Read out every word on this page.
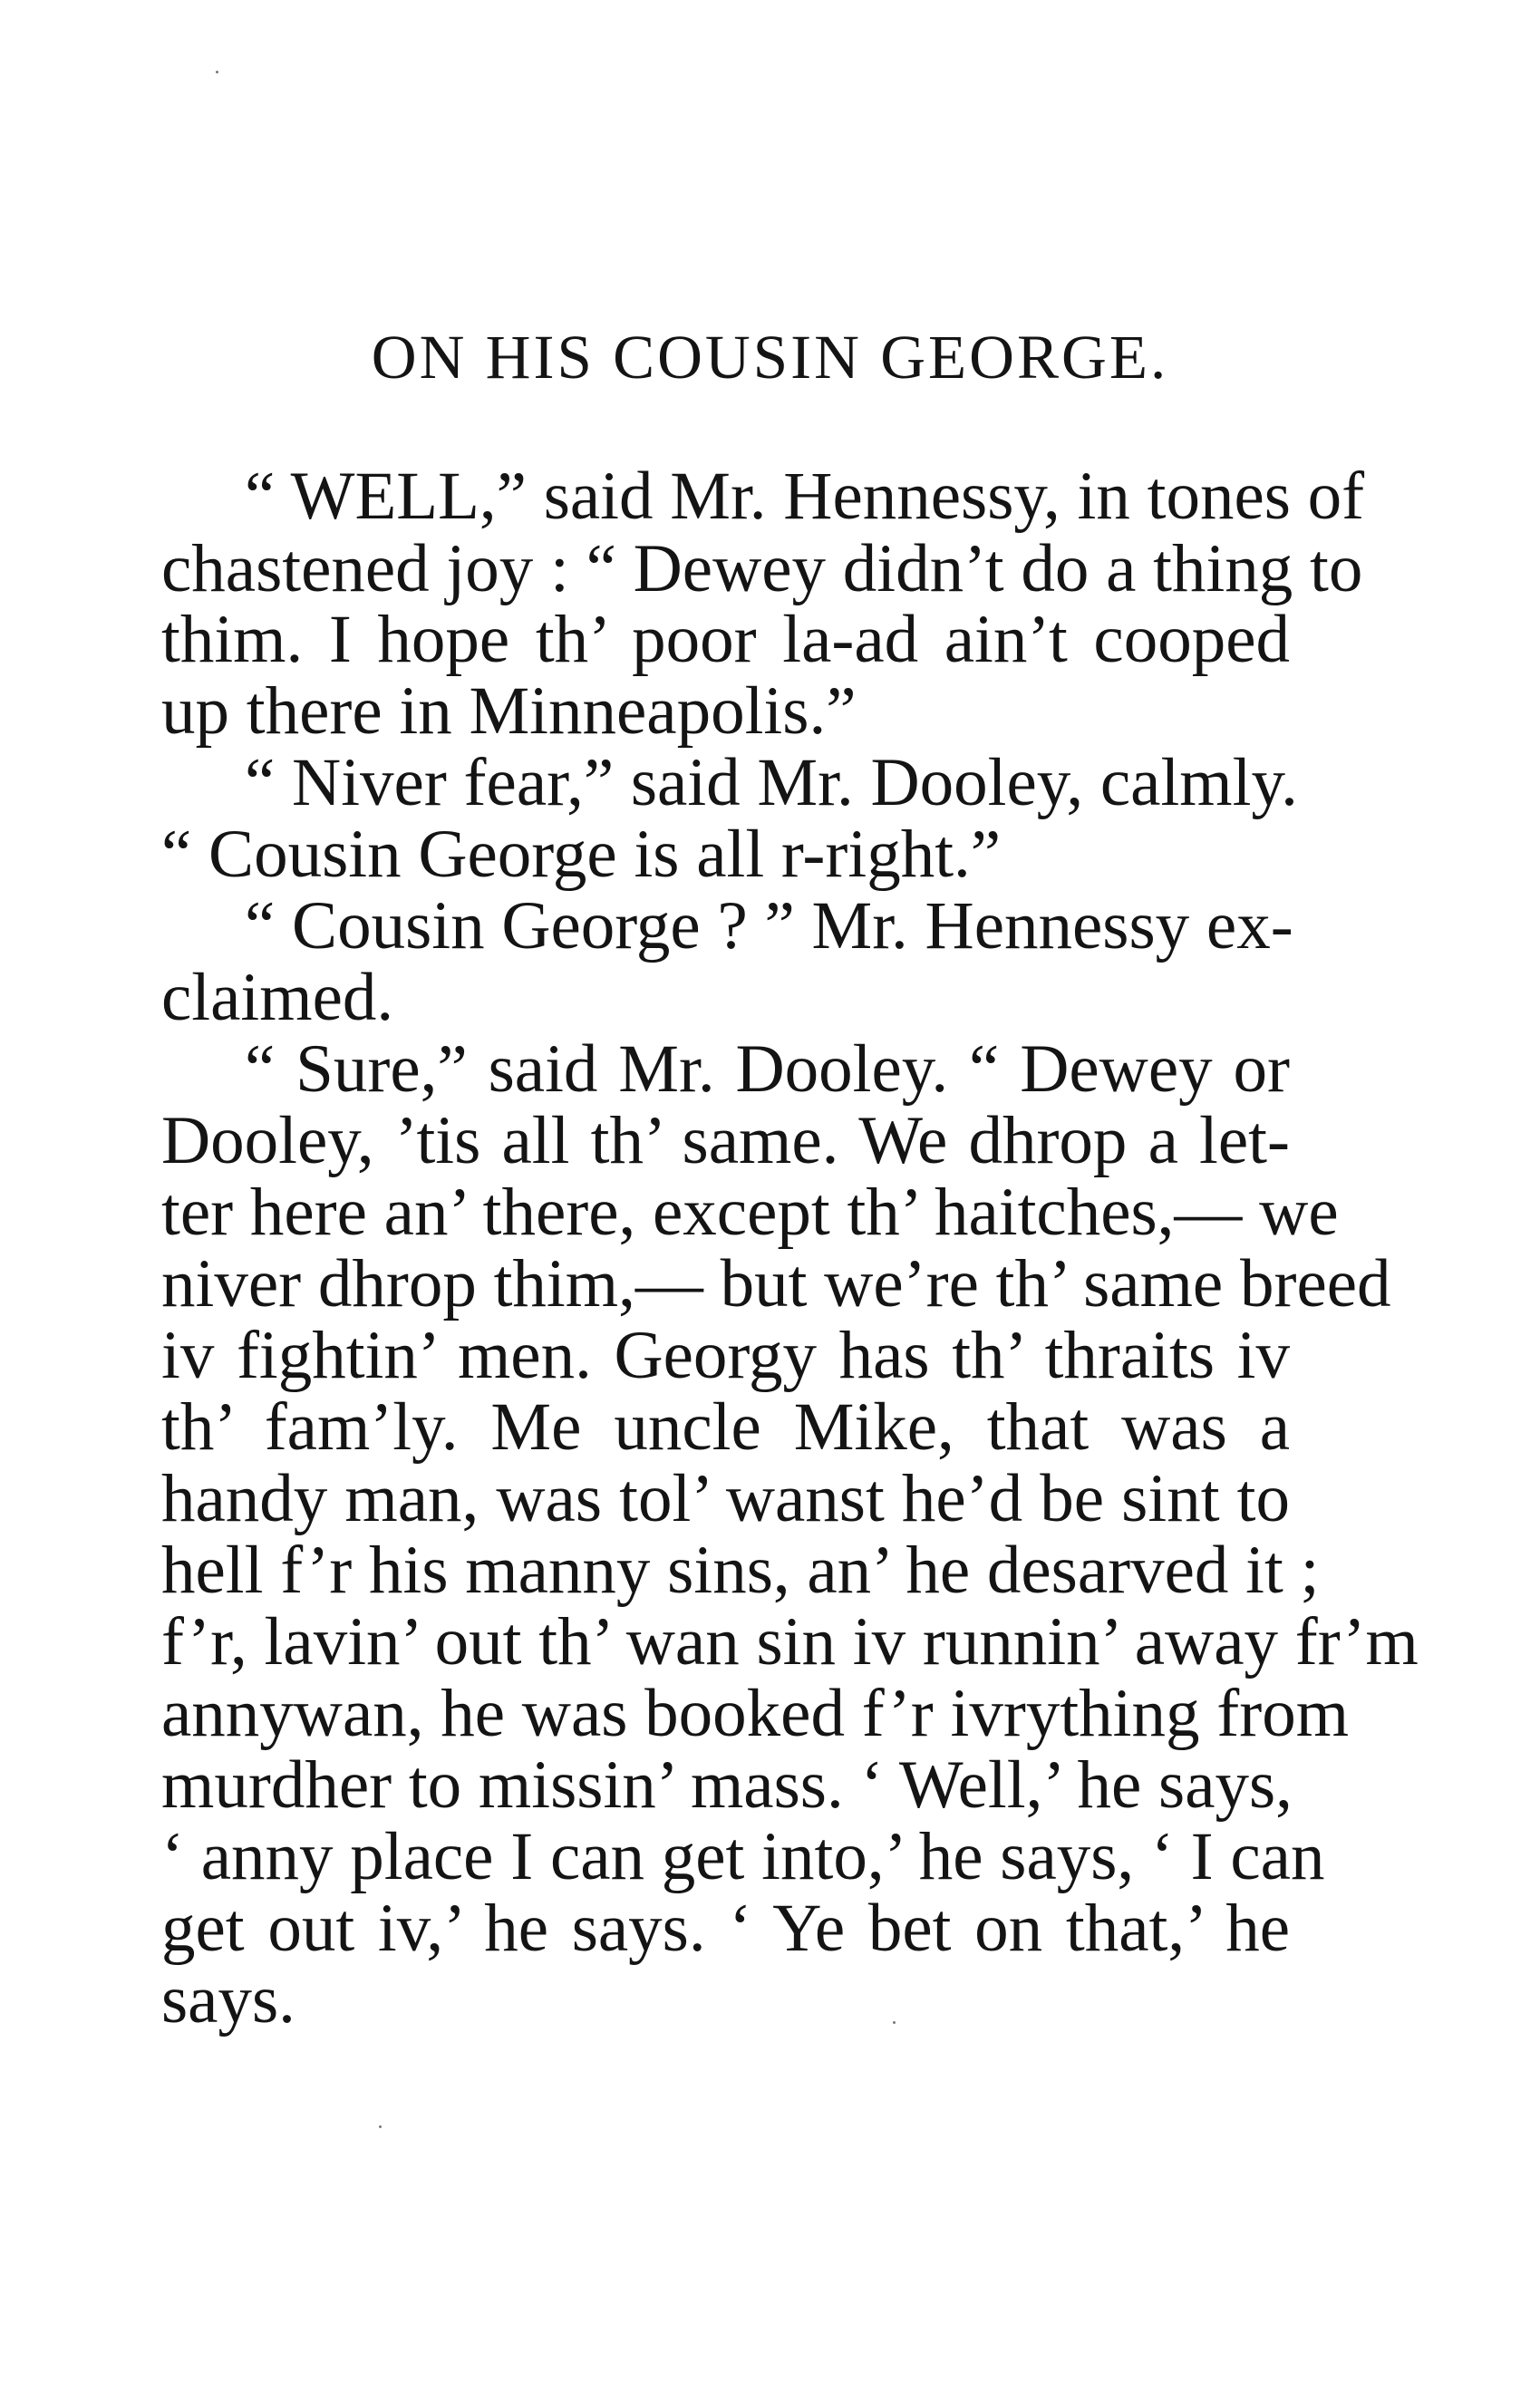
ON HIS COUSIN GEORGE.
“ WELL,” said Mr. Hennessy, in tones of
chastened joy : “ Dewey didn’t do a thing to
thim. I hope th’ poor la-ad ain’t cooped
up there in Minneapolis.”
“ Niver fear,” said Mr. Dooley, calmly.
“ Cousin George is all r-right.”
“ Cousin George ? ” Mr. Hennessy ex-
claimed.
“ Sure,” said Mr. Dooley. “ Dewey or
Dooley, ’tis all th’ same. We dhrop a let-
ter here an’ there, except th’ haitches,— we
niver dhrop thim,— but we’re th’ same breed
iv fightin’ men. Georgy has th’ thraits iv
th’ fam’ly. Me uncle Mike, that was a
handy man, was tol’ wanst he’d be sint to
hell f’r his manny sins, an’ he desarved it ;
f’r, lavin’ out th’ wan sin iv runnin’ away fr’m
annywan, he was booked f’r ivrything from
murdher to missin’ mass. ‘ Well,’ he says,
‘ anny place I can get into,’ he says, ‘ I can
get out iv,’ he says. ‘ Ye bet on that,’ he
says.
